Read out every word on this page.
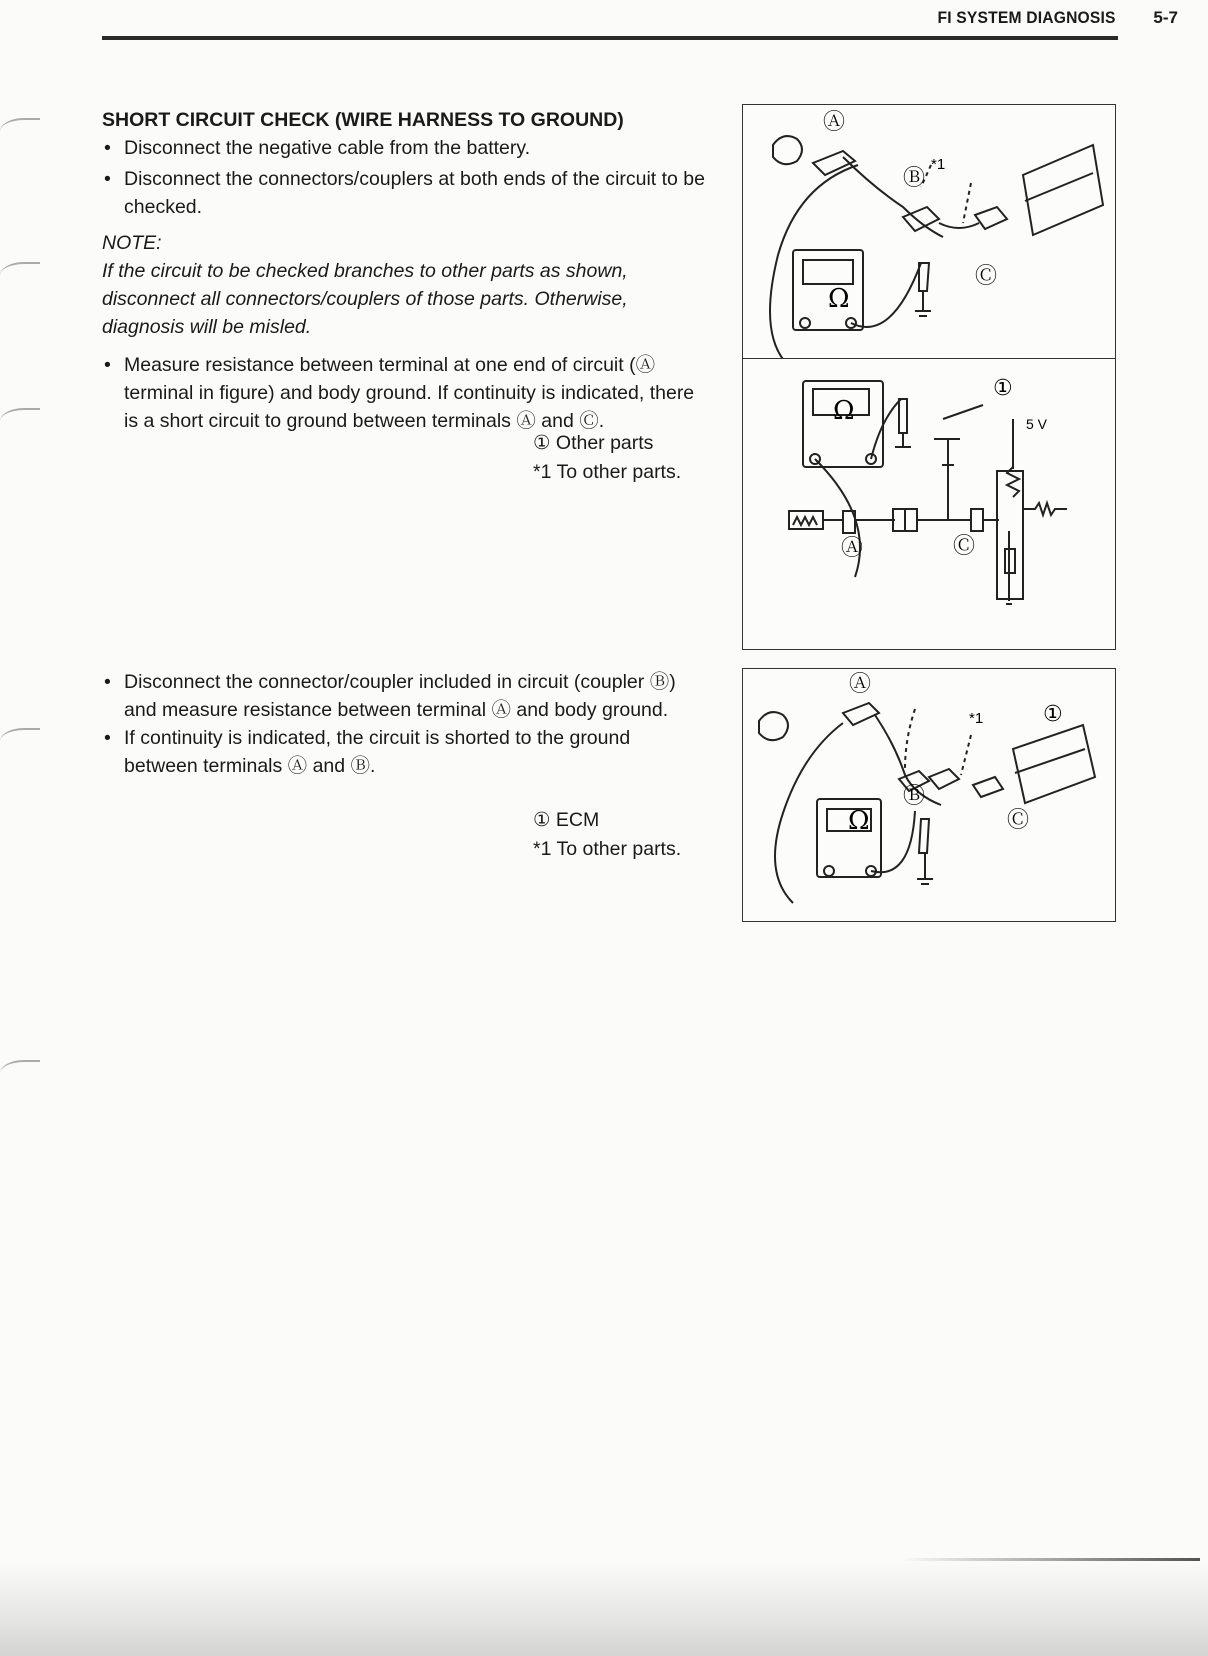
FI SYSTEM DIAGNOSIS 5-7

SHORT CIRCUIT CHECK (WIRE HARNESS TO GROUND)

• Disconnect the negative cable from the battery.

• Disconnect the connectors/couplers at both ends of the circuit to be checked.

NOTE:
If the circuit to be checked branches to other parts as shown, disconnect all connectors/couplers of those parts. Otherwise, diagnosis will be misled.

• Measure resistance between terminal at one end of circuit (Ⓐ terminal in figure) and body ground. If continuity is indicated, there is a short circuit to ground between terminals Ⓐ and Ⓒ.

① Other parts
*1 To other parts.

• Disconnect the connector/coupler included in circuit (coupler Ⓑ) and measure resistance between terminal Ⓐ and body ground.

• If continuity is indicated, the circuit is shorted to the ground between terminals Ⓐ and Ⓑ.

① ECM
*1 To other parts.
Ω
Ⓐ
Ⓑ
Ⓒ
*1
Ω
①
5 V
Ⓐ	Ⓒ
Ω
Ⓐ
Ⓑ
Ⓒ
*1	①
